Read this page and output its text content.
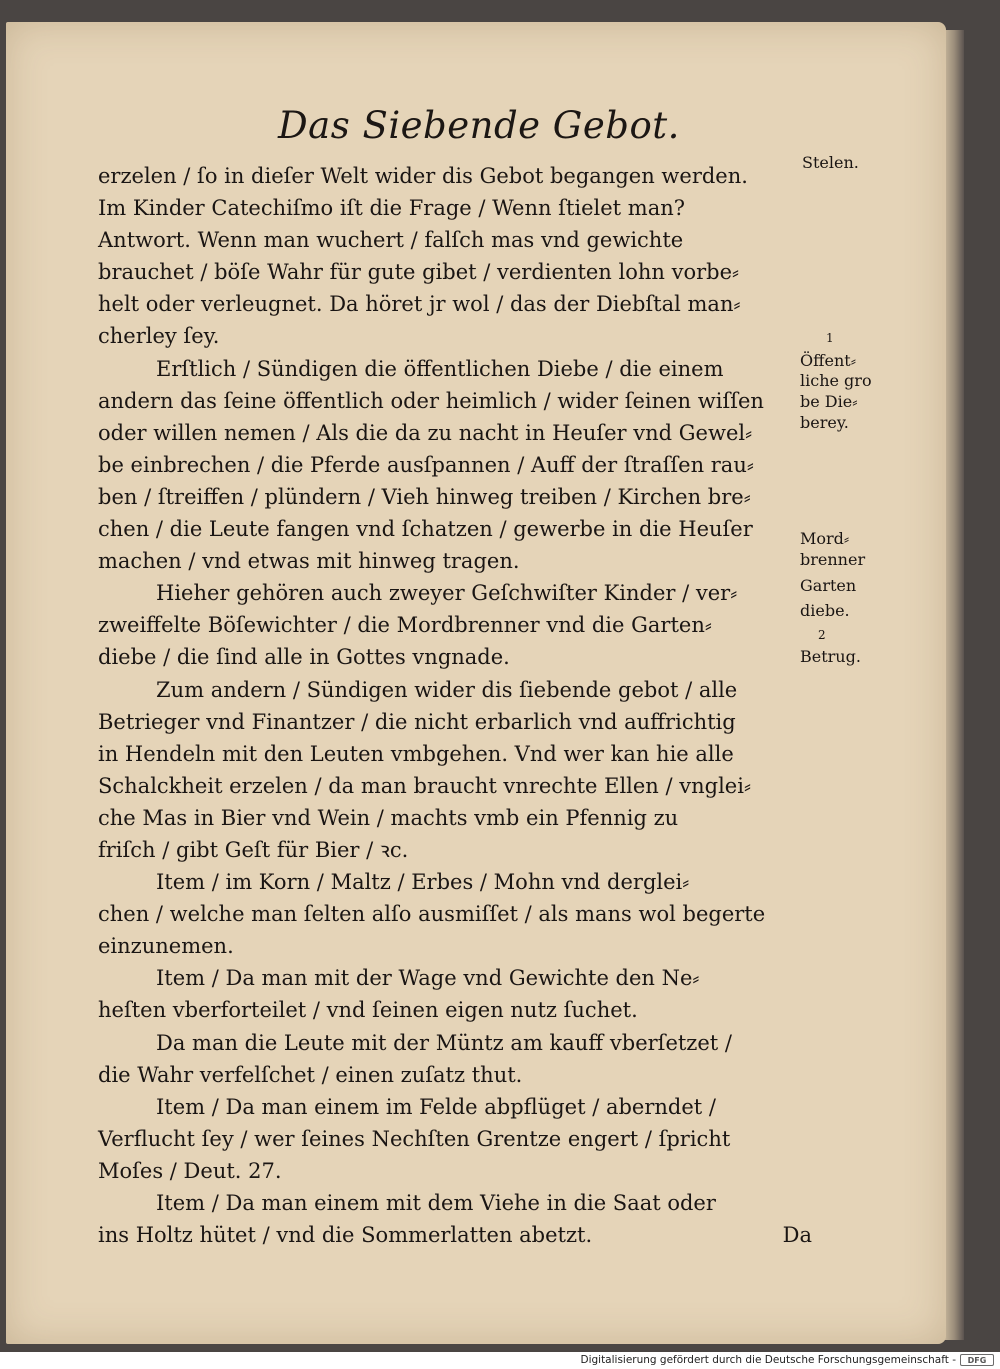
Das Siebende Gebot.
erzelen / ſo in dieſer Welt wider dis Gebot begangen werden.
Im Kinder Catechiſmo iſt die Frage / Wenn ſtielet man?
Antwort. Wenn man wuchert / falſch mas vnd gewichte
brauchet / böſe Wahr für gute gibet / verdienten lohn vorbe⸗
helt oder verleugnet. Da höret jr wol / das der Diebſtal man⸗
cherley ſey.
Erſtlich / Sündigen die öffentlichen Diebe / die einem
andern das ſeine öffentlich oder heimlich / wider ſeinen wiſſen
oder willen nemen / Als die da zu nacht in Heuſer vnd Gewel⸗
be einbrechen / die Pferde ausſpannen / Auff der ſtraſſen rau⸗
ben / ſtreiffen / plündern / Vieh hinweg treiben / Kirchen bre⸗
chen / die Leute fangen vnd ſchatzen / gewerbe in die Heuſer
machen / vnd etwas mit hinweg tragen.
Hieher gehören auch zweyer Geſchwiſter Kinder / ver⸗
zweiffelte Böſewichter / die Mordbrenner vnd die Garten⸗
diebe / die ſind alle in Gottes vngnade.
Zum andern / Sündigen wider dis ſiebende gebot / alle
Betrieger vnd Finantzer / die nicht erbarlich vnd auffrichtig
in Hendeln mit den Leuten vmbgehen. Vnd wer kan hie alle
Schalckheit erzelen / da man braucht vnrechte Ellen / vnglei⸗
che Mas in Bier vnd Wein / machts vmb ein Pfennig zu
friſch / gibt Geſt für Bier / ꝛc.
Item / im Korn / Maltz / Erbes / Mohn vnd derglei⸗
chen / welche man ſelten alſo ausmiſſet / als mans wol begerte
einzunemen.
Item / Da man mit der Wage vnd Gewichte den Ne⸗
heſten vberforteilet / vnd ſeinen eigen nutz ſuchet.
Da man die Leute mit der Müntz am kauff vberſetzet /
die Wahr verfelſchet / einen zuſatz thut.
Item / Da man einem im Felde abpflüget / aberndet /
Verflucht ſey / wer ſeines Nechſten Grentze engert / ſpricht
Moſes / Deut. 27.
Item / Da man einem mit dem Viehe in die Saat oder
ins Holtz hütet / vnd die Sommerlatten abetzt.	Da
Stelen.
1
Öffent⸗
liche gro
be Die⸗
berey.
Mord⸗
brenner
Garten
diebe.
2
Betrug.
Digitalisierung gefördert durch die Deutsche Forschungsgemeinschaft -	DFG
